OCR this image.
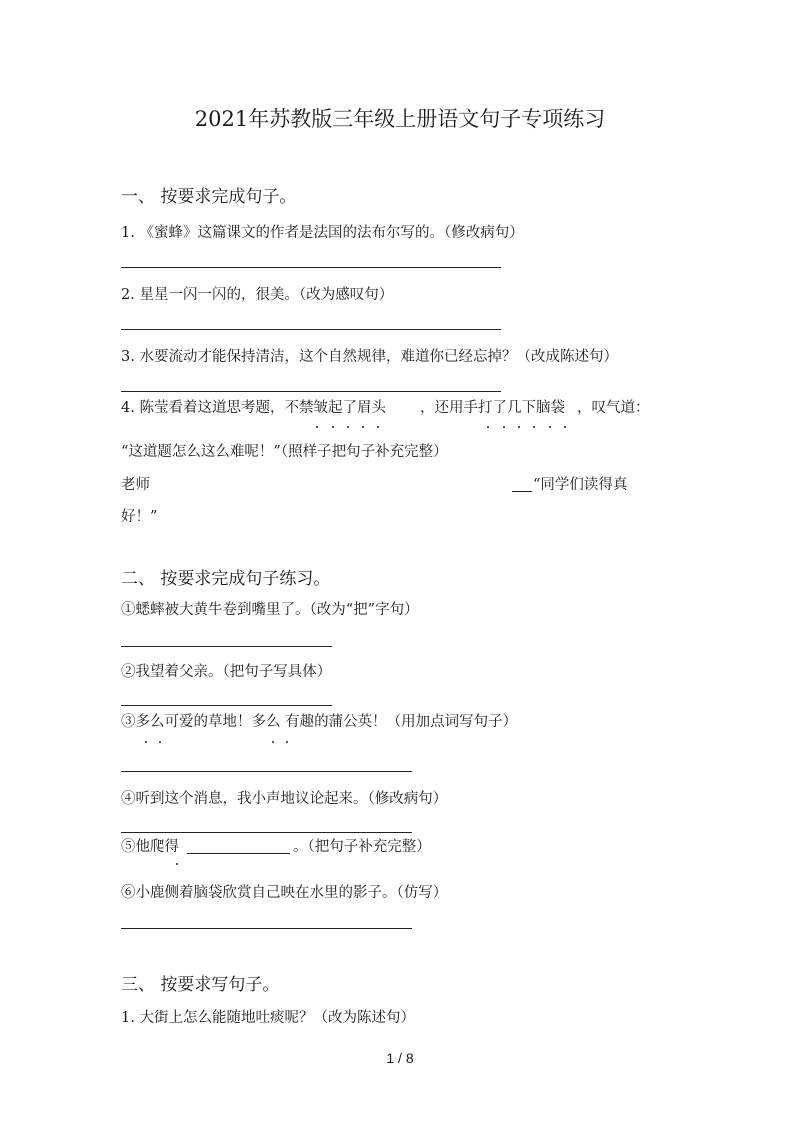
2021年苏教版三年级上册语文句子专项练习
一、 按要求完成句子。
1. 《蜜蜂》这篇课文的作者是法国的法布尔写的。（修改病句）
2. 星星一闪一闪的，很美。（改为感叹句）
3. 水要流动才能保持清洁，这个自然规律，难道你已经忘掉？（改成陈述句）
4. 陈莹看着这道思考题，不禁皱起了眉头 ，还用手打了几下脑袋 ，叹气道：
“这道题怎么这么难呢！”（照样子把句子补充完整）
老师	“同学们读得真
好！”
二、 按要求完成句子练习。
①蟋蟀被大黄牛卷到嘴里了。（改为“把”字句）
②我望着父亲。（把句子写具体）
③多么可爱的草地！多么 有趣的蒲公英！（用加点词写句子）
④听到这个消息，我小声地议论起来。（修改病句）
⑤他爬得	。（把句子补充完整）
⑥小鹿侧着脑袋欣赏自己映在水里的影子。（仿写）
三、 按要求写句子。
1. 大街上怎么能随地吐痰呢？（改为陈述句）
1 / 8
